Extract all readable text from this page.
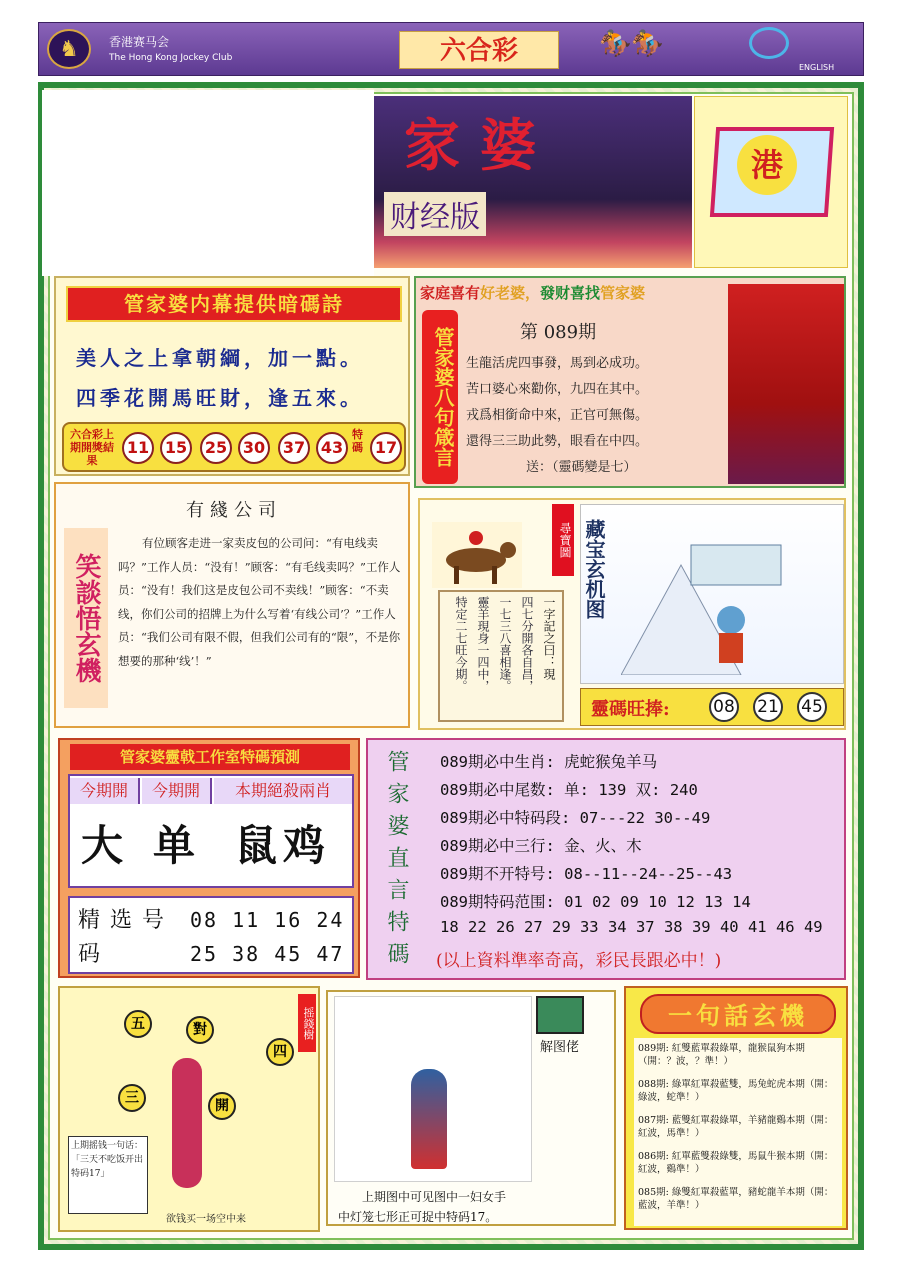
♞	香港赛马会
The Hong Kong Jockey Club	六合彩	🏇🏇
ENGLISH
家婆
财经版
港
管家婆内幕提供暗碼詩
美人之上拿朝綱，加一點。
四季花開馬旺財，逢五來。
六合彩上期開獎結果
11 15	25 30	37 43
特碼 17
家庭喜有好老婆，發财喜找管家婆
管家婆八句箴言	第 089期
生龍活虎四事發，馬到必成功。
苦口婆心來勸你，九四在其中。
戎爲相銜命中來，正官可無傷。
還得三三助此勢，眼看在中四。
送：（靈碼變是七）
笑談悟玄機
有綫公司
有位顾客走进一家卖皮包的公司问：“有电线卖吗？”工作人员：“没有！”顾客：“有毛线卖吗？”工作人员：“没有！我们这是皮包公司不卖线！”顾客：“不卖线，你们公司的招牌上为什么写着‘有线公司’？”工作人员：“我们公司有限不假，但我们公司有的“限”，不是你想要的那种‘线’！”
尋寶圖
一字記之曰：現
四七分開各自昌，
一七三八喜相逢。
靈羊現身一四中，
特定二七旺今期。
藏宝玄机图
靈碼旺捧:	08 21 45
管家婆靈戟工作室特碼預測
今期開	今期開	本期絕殺兩肖
大 单 鼠鸡
精选号码
08 11 16 24
25 38 45 47	管家婆直言特碼 089期必中生肖: 虎蛇猴兔羊马
089期必中尾数: 单: 139 双: 240
089期必中特码段: 07---22 30--49
089期必中三行: 金、火、木
089期不开特号: 08--11--24--25--43
089期特码范围: 01 02 09 10 12 13 14
18 22 26 27 29 33 34 37 38 39 40 41 46 49
(以上資料準率奇高，彩民長跟必中！)
摇錢樹
五	對
四
三	開
上期摇钱一句话：「三天不吃饭开出特码17」
欲钱买一场空中来
解图佬
上期图中可见图中一妇女手
中灯笼七形正可捉中特码17。
一句話玄機
089期: 紅雙藍單殺綠單，龍猴鼠狗本期（開：？波，？準！）
088期: 綠單紅單殺藍雙，馬兔蛇虎本期（開：綠波，蛇準！）
087期: 藍雙紅單殺綠單，羊豬龍鷄本期（開：紅波，馬準！）
086期: 紅單藍雙殺綠雙，馬鼠牛猴本期（開：紅波，鷄準！）
085期: 綠雙紅單殺藍單，豬蛇龍羊本期（開：藍波，羊準！）
